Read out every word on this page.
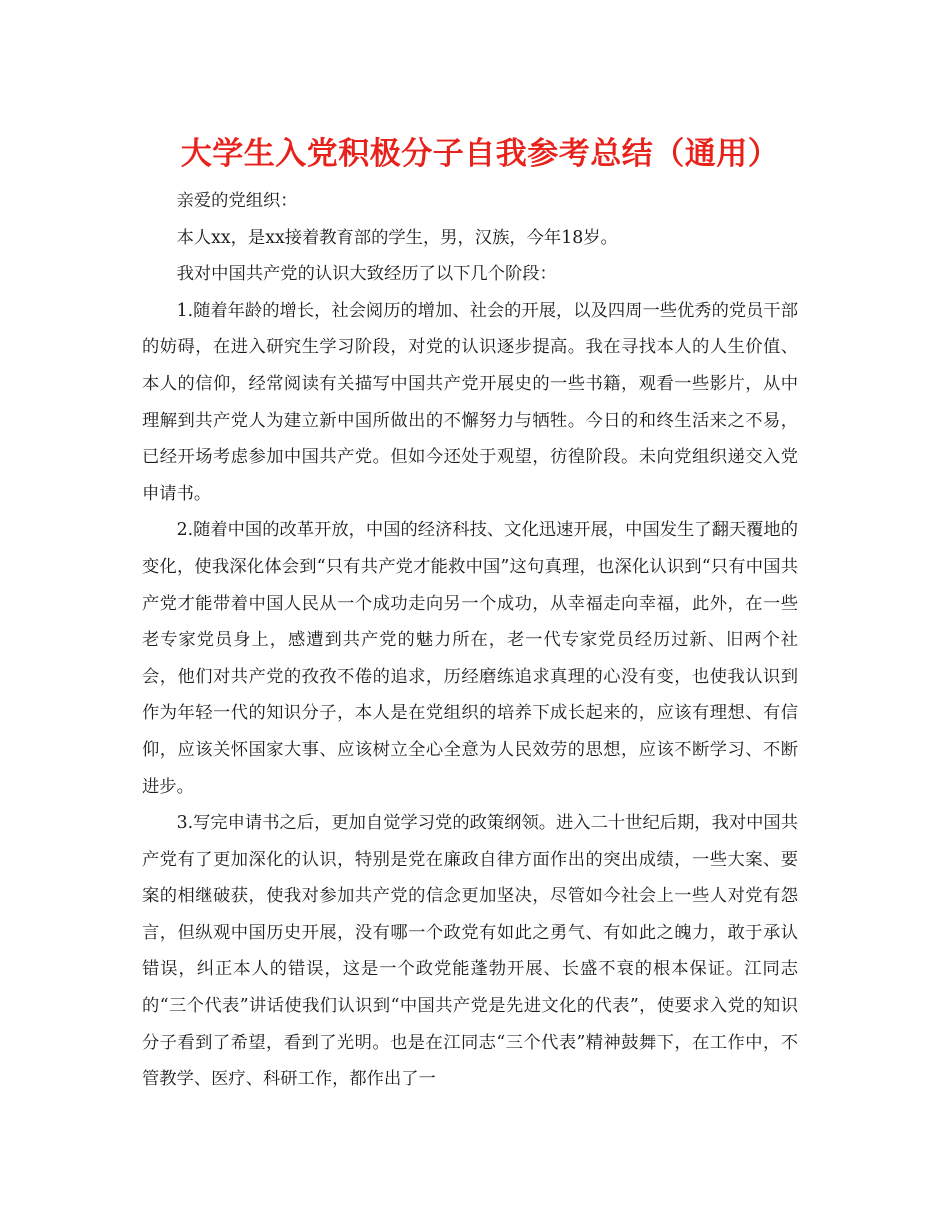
大学生入党积极分子自我参考总结（通用）

亲爱的党组织：

本人xx，是xx接着教育部的学生，男，汉族，今年18岁。

我对中国共产党的认识大致经历了以下几个阶段：

1.随着年龄的增长，社会阅历的增加、社会的开展，以及四周一些优秀的党员干部的妨碍，在进入研究生学习阶段，对党的认识逐步提高。我在寻找本人的人生价值、本人的信仰，经常阅读有关描写中国共产党开展史的一些书籍，观看一些影片，从中理解到共产党人为建立新中国所做出的不懈努力与牺牲。今日的和终生活来之不易，已经开场考虑参加中国共产党。但如今还处于观望，彷徨阶段。未向党组织递交入党申请书。

2.随着中国的改革开放，中国的经济科技、文化迅速开展，中国发生了翻天覆地的变化，使我深化体会到“只有共产党才能救中国”这句真理，也深化认识到“只有中国共产党才能带着中国人民从一个成功走向另一个成功，从幸福走向幸福，此外，在一些老专家党员身上，感遭到共产党的魅力所在，老一代专家党员经历过新、旧两个社会，他们对共产党的孜孜不倦的追求，历经磨练追求真理的心没有变，也使我认识到作为年轻一代的知识分子，本人是在党组织的培养下成长起来的，应该有理想、有信仰，应该关怀国家大事、应该树立全心全意为人民效劳的思想，应该不断学习、不断进步。

3.写完申请书之后，更加自觉学习党的政策纲领。进入二十世纪后期，我对中国共产党有了更加深化的认识，特别是党在廉政自律方面作出的突出成绩，一些大案、要案的相继破获，使我对参加共产党的信念更加坚决，尽管如今社会上一些人对党有怨言，但纵观中国历史开展，没有哪一个政党有如此之勇气、有如此之魄力，敢于承认错误，纠正本人的错误，这是一个政党能蓬勃开展、长盛不衰的根本保证。江同志的“三个代表”讲话使我们认识到“中国共产党是先进文化的代表”，使要求入党的知识分子看到了希望，看到了光明。也是在江同志“三个代表”精神鼓舞下，在工作中，不管教学、医疗、科研工作，都作出了一
